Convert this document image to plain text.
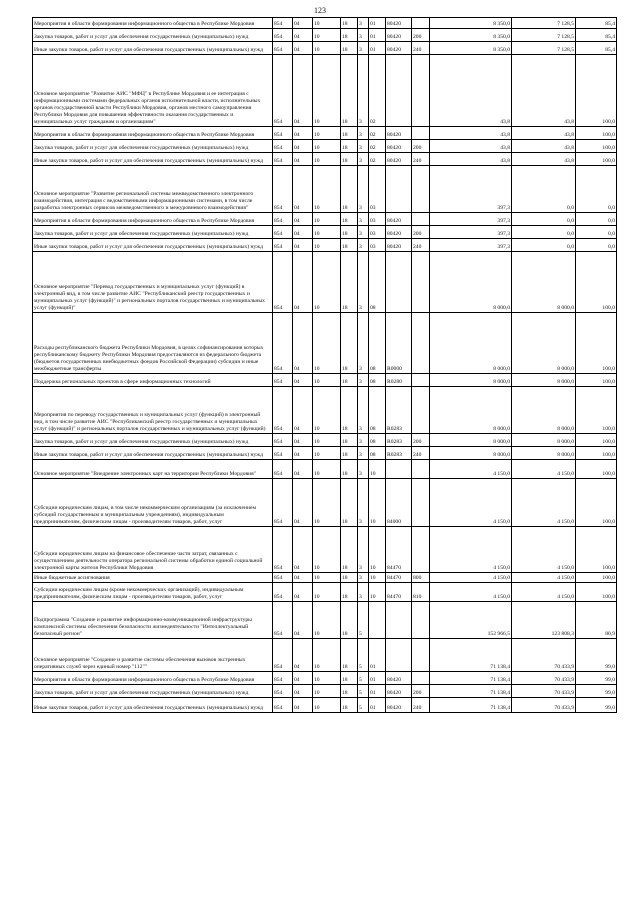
123
Мероприятия в области формирования информационного общества в Республике Мордовия	854	04	10	18	3	01	80420		8 350,0	7 128,5	85,4
Закупка товаров, работ и услуг для обеспечения государственных (муниципальных) нужд	854	04	10	18	3	01	80420	200	8 350,0	7 128,5	85,4
Иные закупки товаров, работ и услуг для обеспечения государственных (муниципальных) нужд	854	04	10	18	3	01	80420	240	8 350,0	7 128,5	85,4
Основное мероприятие "Развитие АИС "МФЦ" в Республике Мордовия и ее интеграция с информационными системами федеральных органов исполнительной власти, исполнительных органов государственной власти Республики Мордовия, органов местного самоуправления Республики Мордовия для повышения эффективности оказания государственных и муниципальных услуг гражданам и организациям"	854	04	10	18	3	02			43,8	43,8	100,0
Мероприятия в области формирования информационного общества в Республике Мордовия	854	04	10	18	3	02	80420		43,8	43,8	100,0
Закупка товаров, работ и услуг для обеспечения государственных (муниципальных) нужд	854	04	10	18	3	02	80420	200	43,8	43,8	100,0
Иные закупки товаров, работ и услуг для обеспечения государственных (муниципальных) нужд	854	04	10	18	3	02	80420	240	43,8	43,8	100,0
Основное мероприятие "Развитие региональной системы межведомственного электронного взаимодействия, интеграция с ведомственными информационными системами, в том числе разработка электронных сервисов межведомственного и межуровневого взаимодействия"	854	04	10	18	3	03			397,3	0,0	0,0
Мероприятия в области формирования информационного общества в Республике Мордовия	854	04	10	18	3	03	80420		397,3	0,0	0,0
Закупка товаров, работ и услуг для обеспечения государственных (муниципальных) нужд	854	04	10	18	3	03	80420	200	397,3	0,0	0,0
Иные закупки товаров, работ и услуг для обеспечения государственных (муниципальных) нужд	854	04	10	18	3	03	80420	240	397,3	0,0	0,0
Основное мероприятие "Перевод государственных и муниципальных услуг (функций) в электронный вид, в том числе развитие АИС "Республиканский реестр государственных и муниципальных услуг (функций)" и региональных порталов государственных и муниципальных услуг (функций)"	854	04	10	18	3	08			8 000,0	8 000,0	100,0
Расходы республиканского бюджета Республики Мордовия, в целях софинансирования которых республиканскому бюджету Республики Мордовия предоставляются из федерального бюджета (бюджетов государственных внебюджетных фондов Российской Федерации) субсидии и иные межбюджетные трансферты	854	04	10	18	3	08	R0000		8 000,0	8 000,0	100,0
Поддержка региональных проектов в сфере информационных технологий	854	04	10	18	3	08	R0280		8 000,0	8 000,0	100,0
Мероприятия по переводу государственных и муниципальных услуг (функций) в электронный вид, в том числе развитие АИС "Республиканский реестр государственных и муниципальных услуг (функций)" и региональных порталов государственных и муниципальных услуг (функций)	854	04	10	18	3	08	R0283		8 000,0	8 000,0	100,0
Закупка товаров, работ и услуг для обеспечения государственных (муниципальных) нужд	854	04	10	18	3	08	R0283	200	8 000,0	8 000,0	100,0
Иные закупки товаров, работ и услуг для обеспечения государственных (муниципальных) нужд	854	04	10	18	3	08	R0283	240	8 000,0	8 000,0	100,0
Основное мероприятие "Внедрение электронных карт на территории Республики Мордовия"	854	04	10	18	3	10			4 150,0	4 150,0	100,0
Субсидии юридическим лицам, в том числе некоммерческим организациям (за исключением субсидий государственным и муниципальным учреждениям), индивидуальным предпринимателям, физическим лицам - производителям товаров, работ, услуг	854	04	10	18	3	10	84000		4 150,0	4 150,0	100,0
Субсидии юридическим лицам на финансовое обеспечение части затрат, связанных с осуществлением деятельности оператора региональной системы обработки единой социальной электронной карты жителя Республики Мордовия	854	04	10	18	3	10	84470		4 150,0	4 150,0	100,0
Иные бюджетные ассигнования	854	04	10	18	3	10	84470	800	4 150,0	4 150,0	100,0
Субсидии юридическим лицам (кроме некоммерческих организаций), индивидуальным предпринимателям, физическим лицам - производителям товаров, работ, услуг	854	04	10	18	3	10	84470	810	4 150,0	4 150,0	100,0
Подпрограмма "Создание и развитие информационно-коммуникационной инфраструктуры комплексной системы обеспечения безопасности жизнедеятельности "Интеллектуальный безопасный регион"	854	04	10	18	5				152 966,5	123 808,3	80,9
Основное мероприятие "Создание и развитие системы обеспечения вызовов экстренных оперативных служб через единый номер "112""	854	04	10	18	5	01			71 138,4	70 433,9	99,0
Мероприятия в области формирования информационного общества в Республике Мордовия	854	04	10	18	5	01	80420		71 138,4	70 433,9	99,0
Закупка товаров, работ и услуг для обеспечения государственных (муниципальных) нужд	854	04	10	18	5	01	80420	200	71 138,4	70 433,9	99,0
Иные закупки товаров, работ и услуг для обеспечения государственных (муниципальных) нужд	854	04	10	18	5	01	80420	240	71 138,4	70 433,9	99,0
